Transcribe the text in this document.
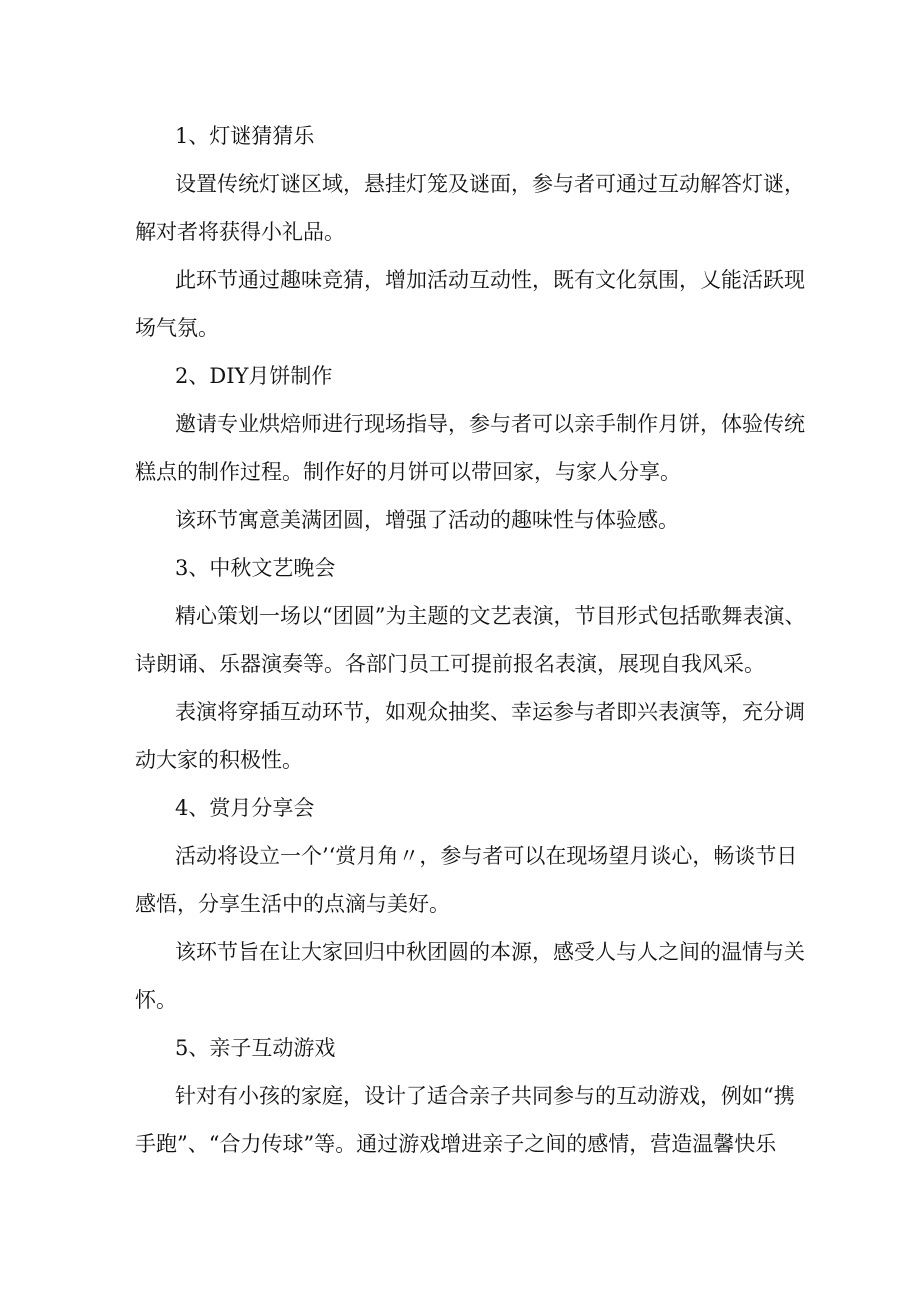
1、灯谜猜猜乐

设置传统灯谜区域，悬挂灯笼及谜面，参与者可通过互动解答灯谜，

解对者将获得小礼品。

此环节通过趣味竞猜，增加活动互动性，既有文化氛围，乂能活跃现

场气氛。

2、DIY月饼制作

邀请专业烘焙师进行现场指导，参与者可以亲手制作月饼，体验传统

糕点的制作过程。制作好的月饼可以带回家，与家人分享。

该环节寓意美满团圆，增强了活动的趣味性与体验感。

3、中秋文艺晚会

精心策划一场以“团圆”为主题的文艺表演，节目形式包括歌舞表演、

诗朗诵、乐器演奏等。各部门员工可提前报名表演，展现自我风采。

表演将穿插互动环节，如观众抽奖、幸运参与者即兴表演等，充分调

动大家的积极性。

4、赏月分享会

活动将设立一个’‘赏月角〃，参与者可以在现场望月谈心，畅谈节日

感悟，分享生活中的点滴与美好。

该环节旨在让大家回归中秋团圆的本源，感受人与人之间的温情与关

怀。

5、亲子互动游戏

针对有小孩的家庭，设计了适合亲子共同参与的互动游戏，例如“携

手跑”、“合力传球”等。通过游戏增进亲子之间的感情，营造温馨快乐
